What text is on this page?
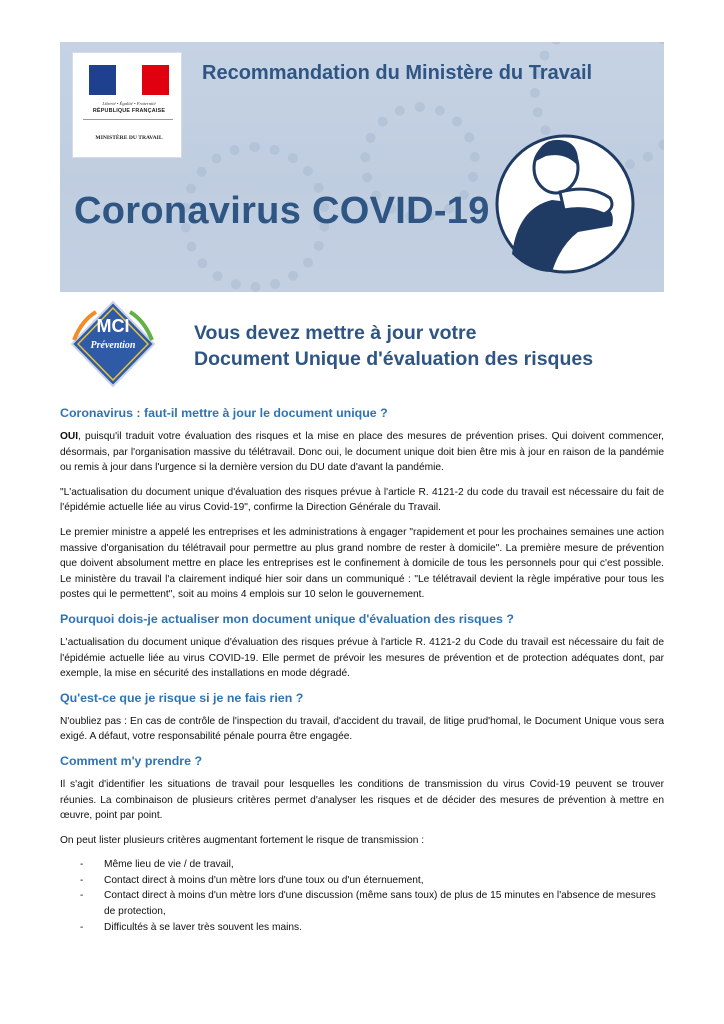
Liberté • Égalité • Fraternité
RÉPUBLIQUE FRANÇAISE
MINISTÈRE DU TRAVAIL
Recommandation du Ministère du Travail
Coronavirus COVID-19
MCI
Prévention
Vous devez mettre à jour votre
Document Unique d'évaluation des risques
Coronavirus : faut-il mettre à jour le document unique ?

OUI, puisqu'il traduit votre évaluation des risques et la mise en place des mesures de prévention prises. Qui doivent commencer, désormais, par l'organisation massive du télétravail. Donc oui, le document unique doit bien être mis à jour en raison de la pandémie ou remis à jour dans l'urgence si la dernière version du DU date d'avant la pandémie.

"L'actualisation du document unique d'évaluation des risques prévue à l'article R. 4121-2 du code du travail est nécessaire du fait de l'épidémie actuelle liée au virus Covid-19", confirme la Direction Générale du Travail.

Le premier ministre a appelé les entreprises et les administrations à engager "rapidement et pour les prochaines semaines une action massive d'organisation du télétravail pour permettre au plus grand nombre de rester à domicile". La première mesure de prévention que doivent absolument mettre en place les entreprises est le confinement à domicile de tous les personnels pour qui c'est possible. Le ministère du travail l'a clairement indiqué hier soir dans un communiqué : "Le télétravail devient la règle impérative pour tous les postes qui le permettent", soit au moins 4 emplois sur 10 selon le gouvernement.

Pourquoi dois-je actualiser mon document unique d'évaluation des risques ?

L'actualisation du document unique d'évaluation des risques prévue à l'article R. 4121-2 du Code du travail est nécessaire du fait de l'épidémie actuelle liée au virus COVID-19. Elle permet de prévoir les mesures de prévention et de protection adéquates dont, par exemple, la mise en sécurité des installations en mode dégradé.

Qu'est-ce que je risque si je ne fais rien ?

N'oubliez pas : En cas de contrôle de l'inspection du travail, d'accident du travail, de litige prud'homal, le Document Unique vous sera exigé. A défaut, votre responsabilité pénale pourra être engagée.

Comment m'y prendre ?

Il s'agit d'identifier les situations de travail pour lesquelles les conditions de transmission du virus Covid-19 peuvent se trouver réunies. La combinaison de plusieurs critères permet d'analyser les risques et de décider des mesures de prévention à mettre en œuvre, point par point.

On peut lister plusieurs critères augmentant fortement le risque de transmission :

- Même lieu de vie / de travail,
- Contact direct à moins d'un mètre lors d'une toux ou d'un éternuement,
- Contact direct à moins d'un mètre lors d'une discussion (même sans toux) de plus de 15 minutes en l'absence de mesures de protection,
- Difficultés à se laver très souvent les mains.
